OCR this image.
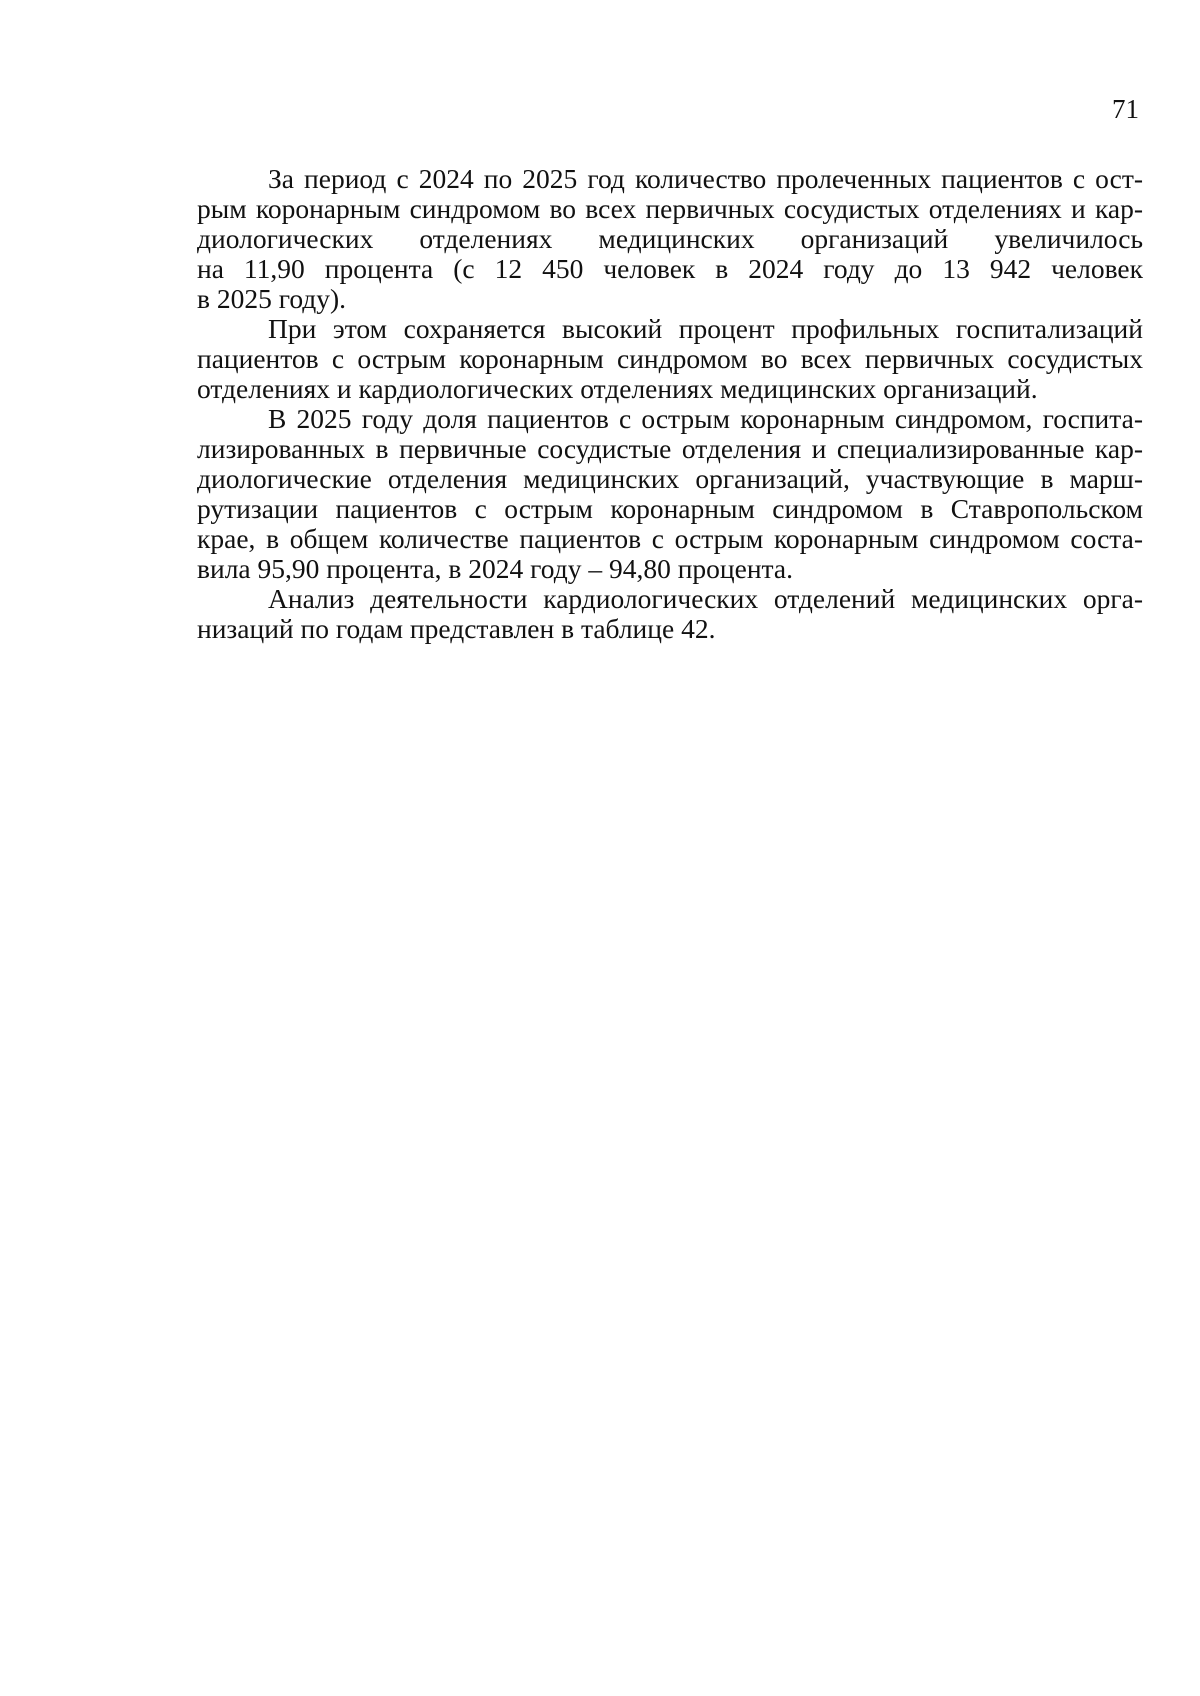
71
За период с 2024 по 2025 год количество пролеченных пациентов с ост-
рым коронарным синдромом во всех первичных сосудистых отделениях и кар-
диологических отделениях медицинских организаций увеличилось
на 11,90 процента (с 12 450 человек в 2024 году до 13 942 человек
в 2025 году).
При этом сохраняется высокий процент профильных госпитализаций
пациентов с острым коронарным синдромом во всех первичных сосудистых
отделениях и кардиологических отделениях медицинских организаций.
В 2025 году доля пациентов с острым коронарным синдромом, госпита-
лизированных в первичные сосудистые отделения и специализированные кар-
диологические отделения медицинских организаций, участвующие в марш-
рутизации пациентов с острым коронарным синдромом в Ставропольском
крае, в общем количестве пациентов с острым коронарным синдромом соста-
вила 95,90 процента, в 2024 году – 94,80 процента.
Анализ деятельности кардиологических отделений медицинских орга-
низаций по годам представлен в таблице 42.
